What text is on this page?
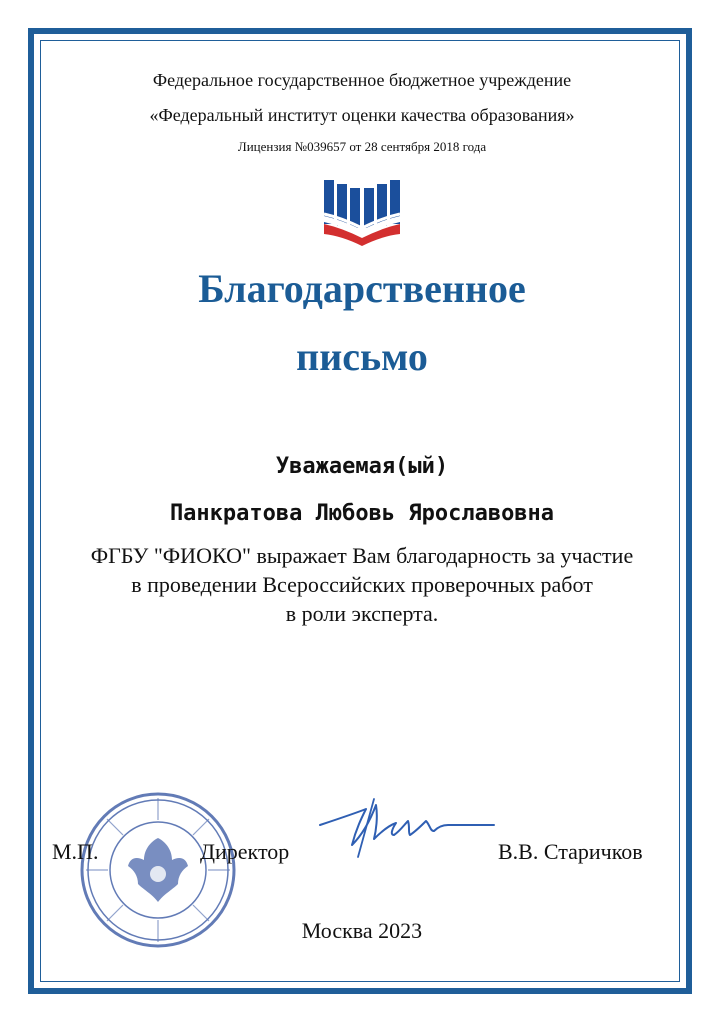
Федеральное государственное бюджетное учреждение
«Федеральный институт оценки качества образования»
Лицензия №039657 от 28 сентября 2018 года
Благодарственное
письмо
Уважаемая(ый)
Панкратова Любовь Ярославовна
ФГБУ "ФИОКО" выражает Вам благодарность за участие
в проведении Всероссийских проверочных работ
в роли эксперта.
М.П.	Директор	В.В. Старичков
Москва 2023
